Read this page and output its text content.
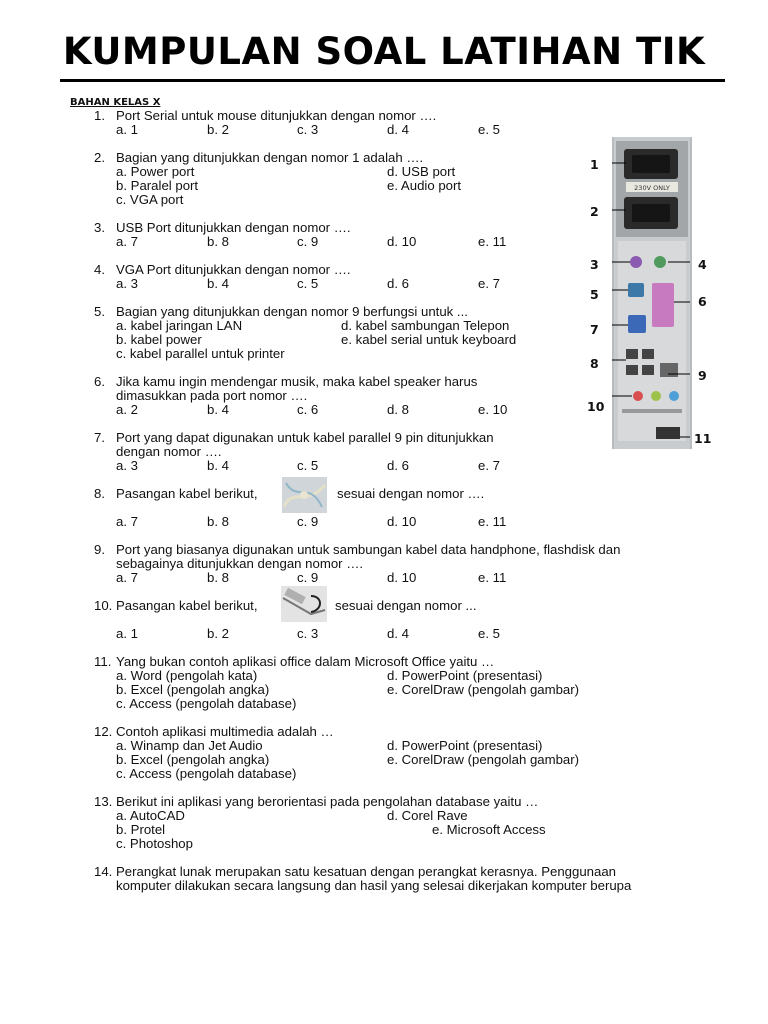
KUMPULAN SOAL LATIHAN TIK
BAHAN KELAS X
1. Port Serial untuk mouse ditunjukkan dengan nomor ….
a. 1	b. 2	c. 3	d. 4	e. 5
2. Bagian yang ditunjukkan dengan nomor 1 adalah ….
a. Power port	d. USB port
b. Paralel port	e. Audio port
c. VGA port
3. USB Port ditunjukkan dengan nomor ….
a. 7	b. 8	c. 9	d. 10	e. 11
4. VGA Port ditunjukkan dengan nomor ….
a. 3	b. 4	c. 5	d. 6	e. 7
5. Bagian yang ditunjukkan dengan nomor 9 berfungsi untuk ...
a. kabel jaringan LAN	d. kabel sambungan Telepon
b. kabel power	e. kabel serial untuk keyboard
c. kabel parallel untuk printer
6. Jika kamu ingin mendengar musik, maka kabel speaker harus
dimasukkan pada port nomor ….
a. 2	b. 4	c. 6	d. 8	e. 10
7. Port yang dapat digunakan untuk kabel parallel 9 pin ditunjukkan
dengan nomor ….
a. 3	b. 4	c. 5	d. 6	e. 7
8. Pasangan kabel berikut,	sesuai dengan nomor ….
a. 7	b. 8	c. 9	d. 10	e. 11
9. Port yang biasanya digunakan untuk sambungan kabel data handphone, flashdisk dan
sebagainya ditunjukkan dengan nomor ….
a. 7	b. 8	c. 9	d. 10	e. 11
10. Pasangan kabel berikut,	sesuai dengan nomor ...
a. 1	b. 2	c. 3	d. 4	e. 5
11. Yang bukan contoh aplikasi office dalam Microsoft Office yaitu …
a. Word (pengolah kata)	d. PowerPoint (presentasi)
b. Excel (pengolah angka)	e. CorelDraw (pengolah gambar)
c. Access (pengolah database)
12. Contoh aplikasi multimedia adalah …
a. Winamp dan Jet Audio	d. PowerPoint (presentasi)
b. Excel (pengolah angka)	e. CorelDraw (pengolah gambar)
c. Access (pengolah database)
13. Berikut ini aplikasi yang berorientasi pada pengolahan database yaitu …
a. AutoCAD	d. Corel Rave
b. Protel	e. Microsoft Access
c. Photoshop
14. Perangkat lunak merupakan satu kesatuan dengan perangkat kerasnya. Penggunaan
komputer dilakukan secara langsung dan hasil yang selesai dikerjakan komputer berupa
230V ONLY
1
2
3	4
5	6
7
8
9
10
11
